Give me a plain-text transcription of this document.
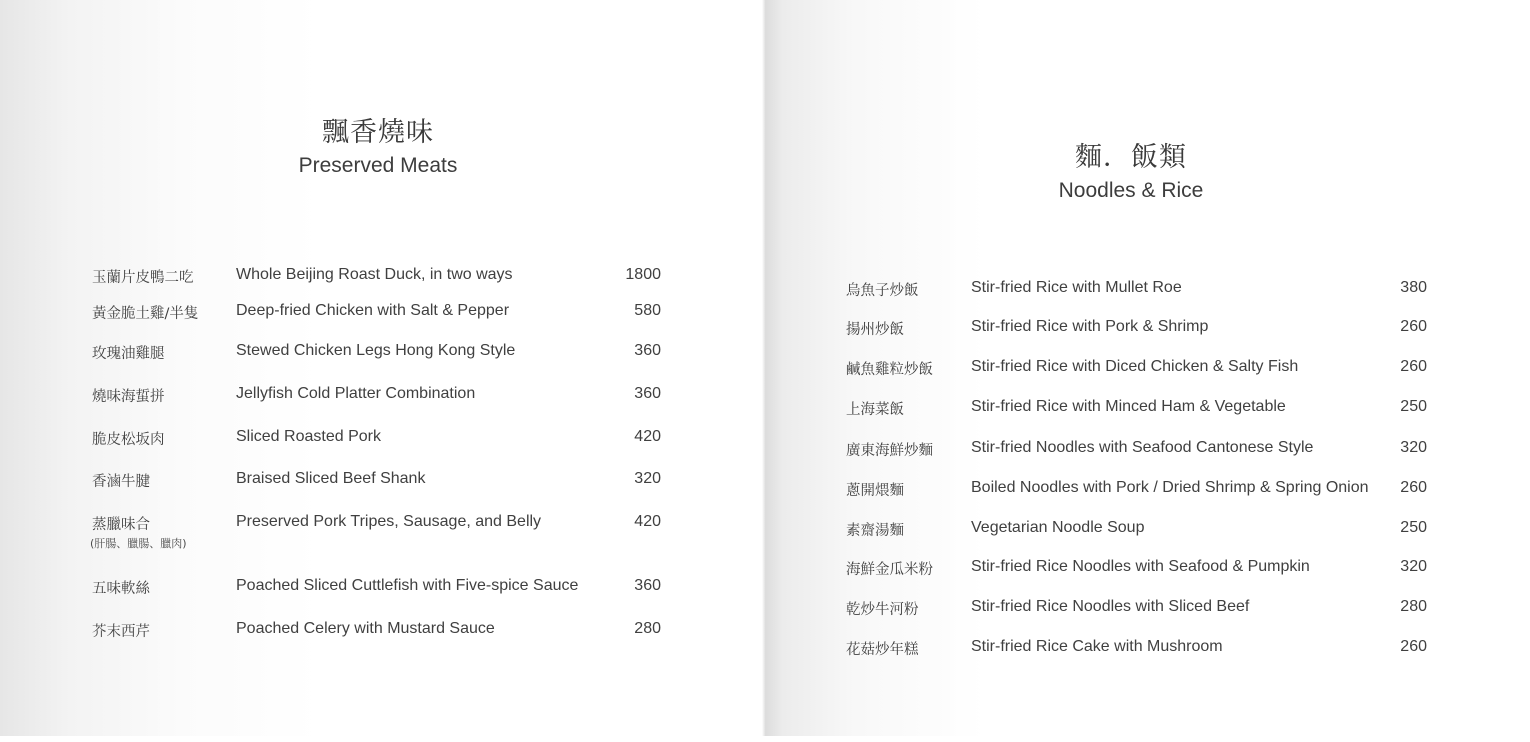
飄香燒味
Preserved Meats
玉蘭片皮鴨二吃	Whole Beijing Roast Duck, in two ways	1800
黃金脆土雞/半隻 Deep-fried Chicken with Salt & Pepper	580
玫瑰油雞腿	Stewed Chicken Legs Hong Kong Style	360
燒味海蜇拼	Jellyfish Cold Platter Combination	360
脆皮松坂肉	Sliced Roasted Pork	420
香滷牛腱	Braised Sliced Beef Shank	320
蒸臘味合
(肝腸、臘腸、臘肉)
Preserved Pork Tripes, Sausage, and Belly	420
五味軟絲	Poached Sliced Cuttlefish with Five-spice Sauce	360
芥末西芹	Poached Celery with Mustard Sauce	280
麵．飯類
Noodles & Rice
烏魚子炒飯	Stir-fried Rice with Mullet Roe	380
揚州炒飯	Stir-fried Rice with Pork & Shrimp	260
鹹魚雞粒炒飯 Stir-fried Rice with Diced Chicken & Salty Fish	260
上海菜飯	Stir-fried Rice with Minced Ham & Vegetable	250
廣東海鮮炒麵 Stir-fried Noodles with Seafood Cantonese Style	320
蔥開煨麵	Boiled Noodles with Pork / Dried Shrimp & Spring Onion	260
素齋湯麵	Vegetarian Noodle Soup	250
海鮮金瓜米粉 Stir-fried Rice Noodles with Seafood & Pumpkin	320
乾炒牛河粉	Stir-fried Rice Noodles with Sliced Beef	280
花菇炒年糕	Stir-fried Rice Cake with Mushroom	260
